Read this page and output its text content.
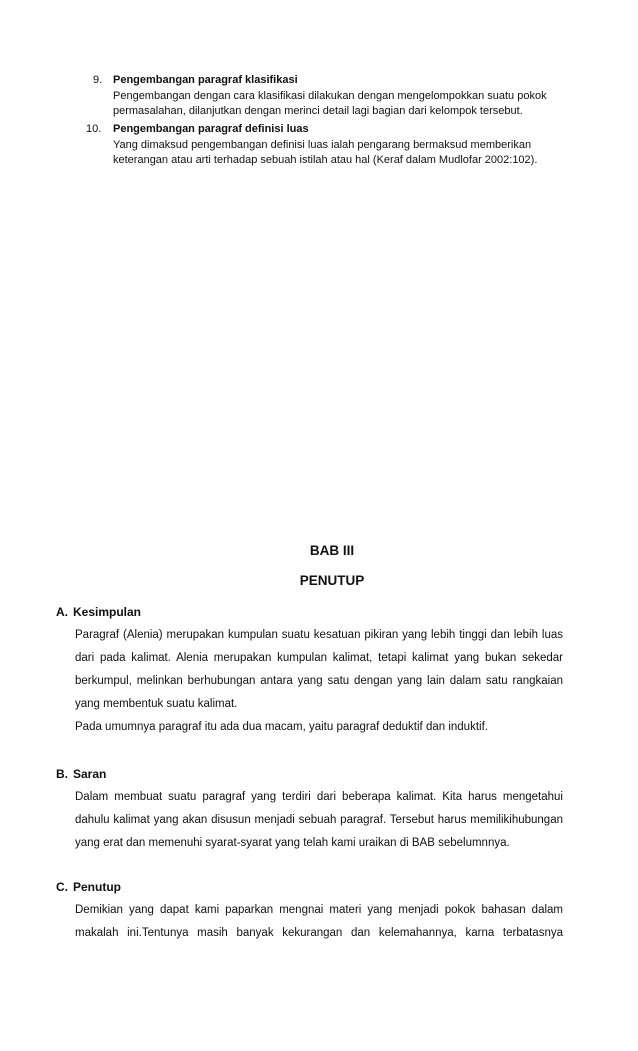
9. Pengembangan paragraf klasifikasi
Pengembangan dengan cara klasifikasi dilakukan dengan mengelompokkan suatu pokok permasalahan, dilanjutkan dengan merinci detail lagi bagian dari kelompok tersebut.
10.	Pengembangan paragraf definisi luas
Yang dimaksud pengembangan definisi luas ialah pengarang bermaksud memberikan keterangan atau arti terhadap sebuah istilah atau hal (Keraf dalam Mudlofar 2002:102).
BAB III
PENUTUP
A. Kesimpulan

Paragraf (Alenia) merupakan kumpulan suatu kesatuan pikiran yang lebih tinggi dan lebih luas dari pada kalimat. Alenia merupakan kumpulan kalimat, tetapi kalimat yang bukan sekedar berkumpul, melinkan berhubungan antara yang satu dengan yang lain dalam satu rangkaian yang membentuk suatu kalimat.

Pada umumnya paragraf itu ada dua macam, yaitu paragraf deduktif dan induktif.

B. Saran

Dalam membuat suatu paragraf yang terdiri dari beberapa kalimat. Kita harus mengetahui dahulu kalimat yang akan disusun menjadi sebuah paragraf. Tersebut harus memilikihubungan yang erat dan memenuhi syarat-syarat yang telah kami uraikan di BAB sebelumnnya.

C. Penutup

Demikian yang dapat kami paparkan mengnai materi yang menjadi pokok bahasan dalam makalah ini.Tentunya masih banyak kekurangan dan kelemahannya, karna terbatasnya
